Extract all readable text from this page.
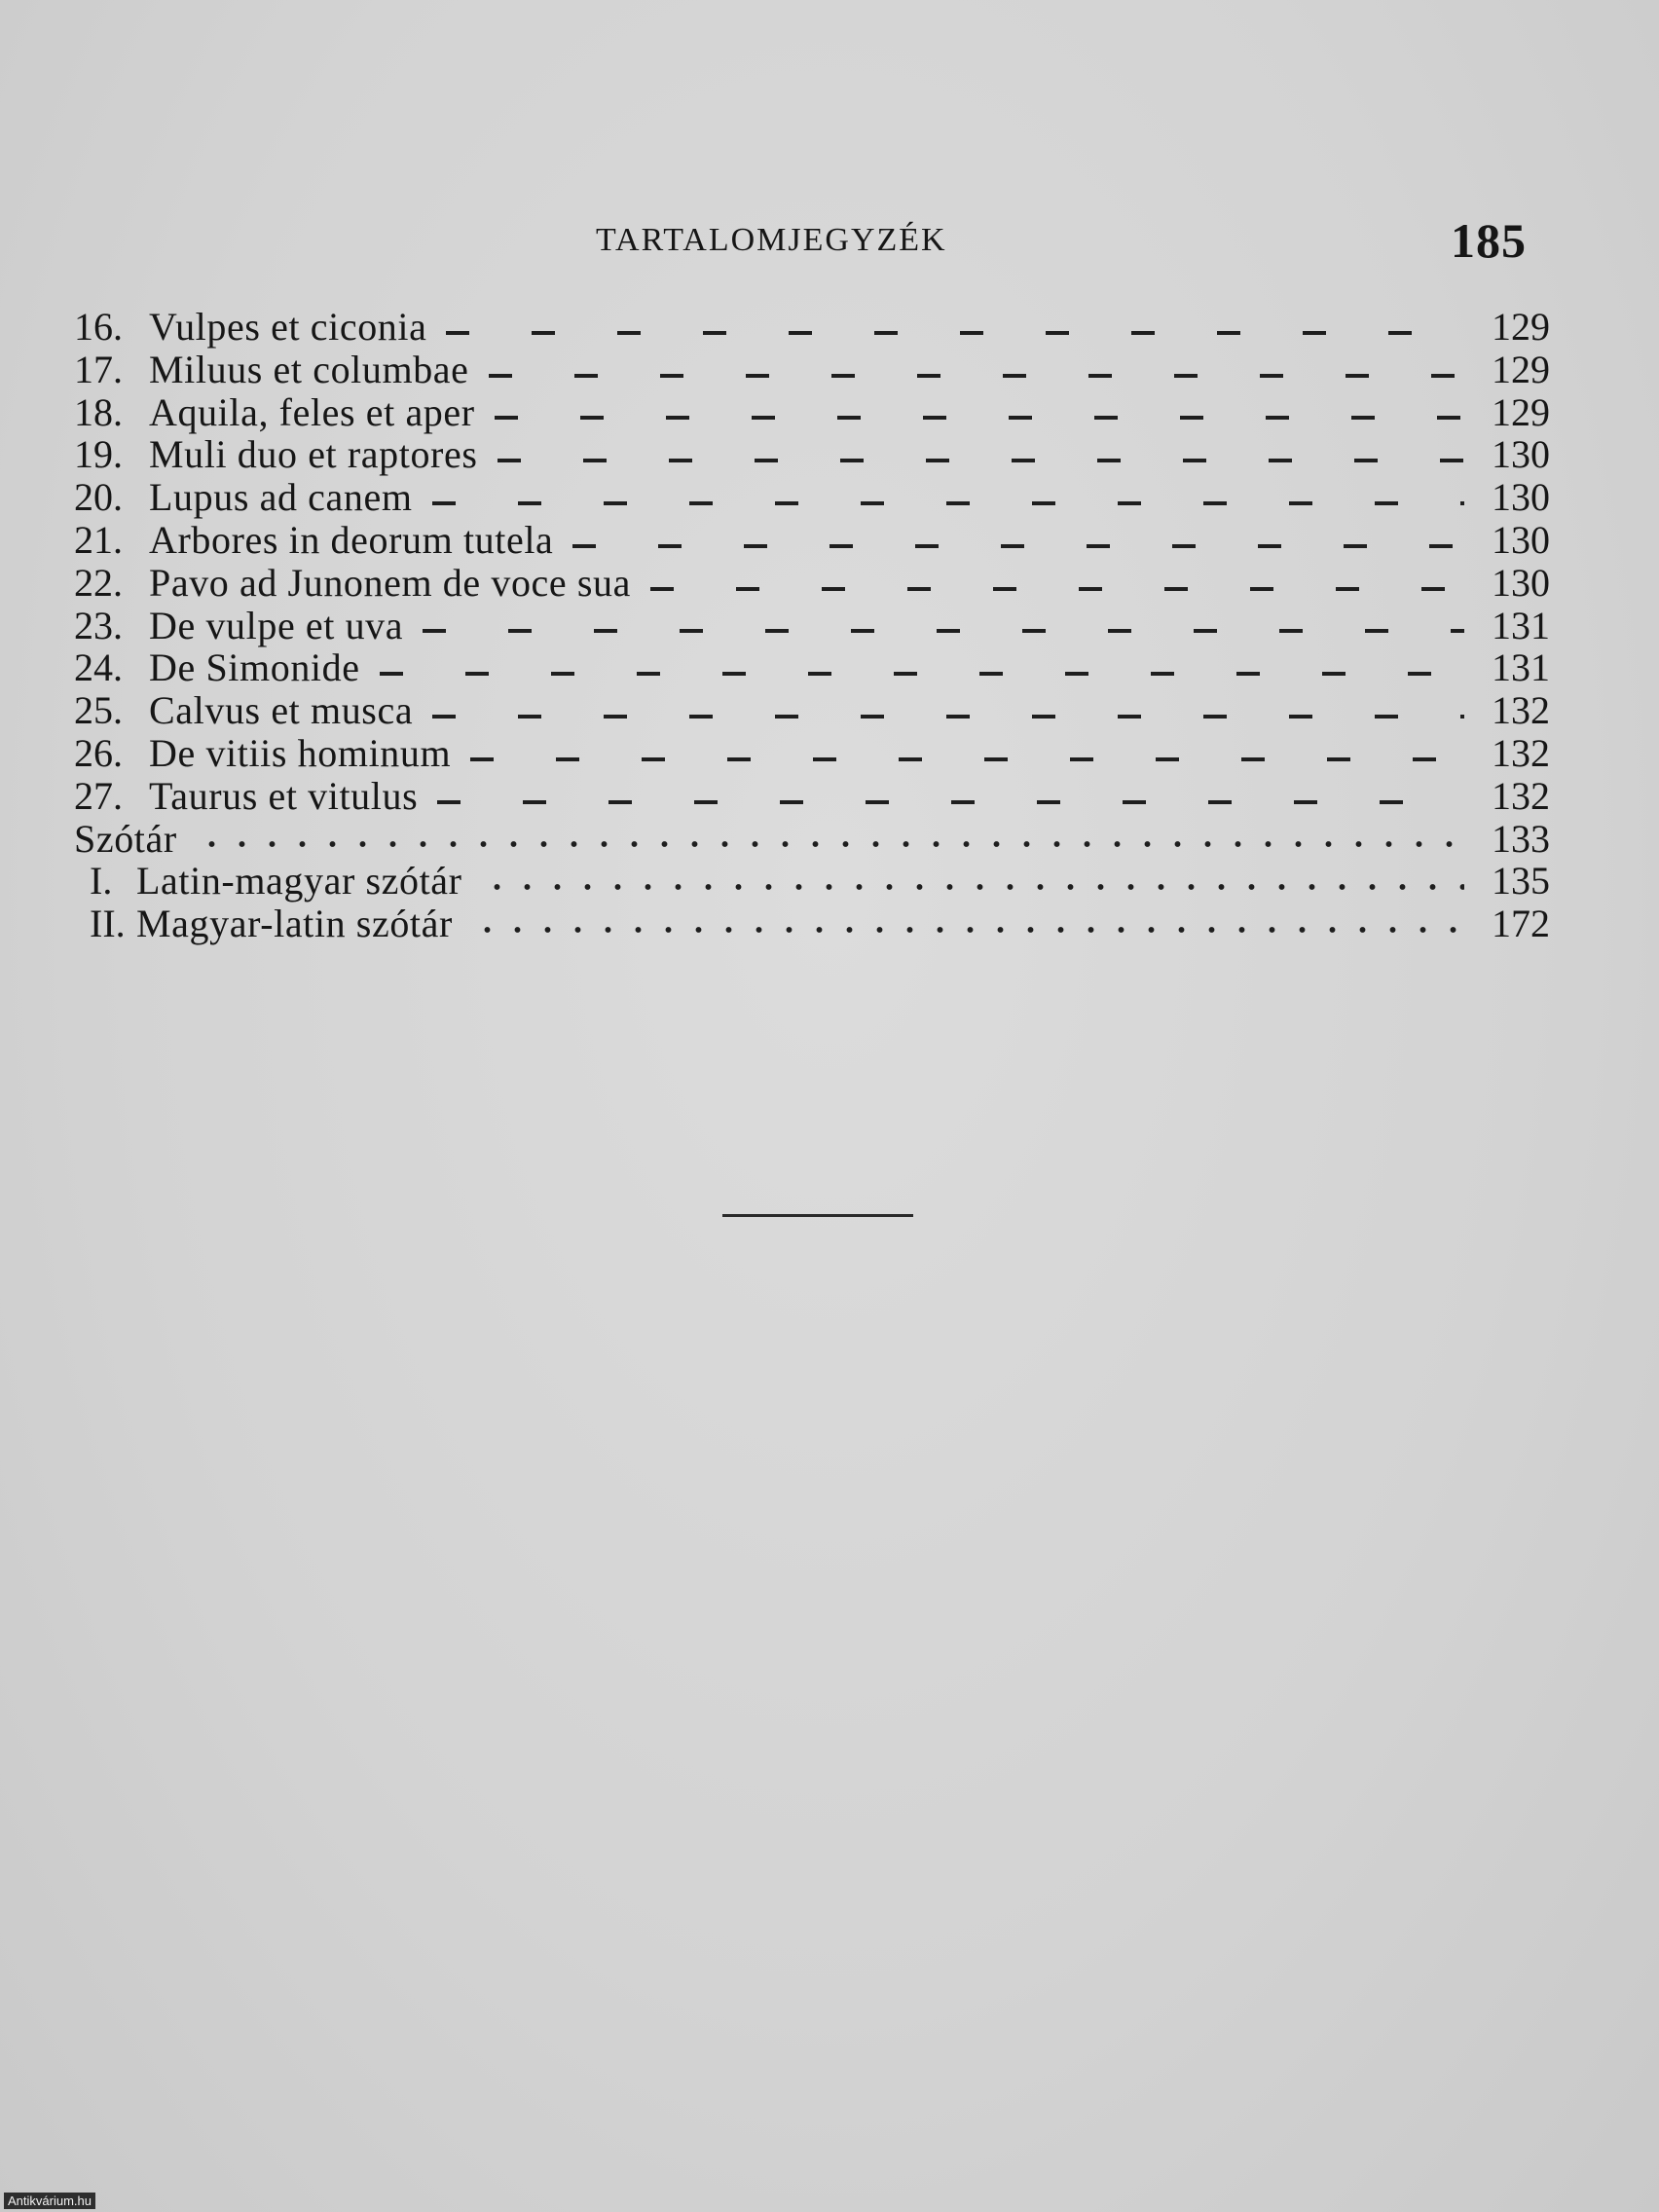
TARTALOMJEGYZÉK	185
16. Vulpes et ciconia	129
17. Miluus et columbae	129
18. Aquila, feles et aper	129
19. Muli duo et raptores	130
20. Lupus ad canem	130
21. Arbores in deorum tutela	130
22. Pavo ad Junonem de voce sua	130
23. De vulpe et uva	131
24. De Simonide	131
25. Calvus et musca	132
26. De vitiis hominum	132
27. Taurus et vitulus	132
Szótár	133
I. Latin-magyar szótár	135
II. Magyar-latin szótár	172
Antikvárium.hu
